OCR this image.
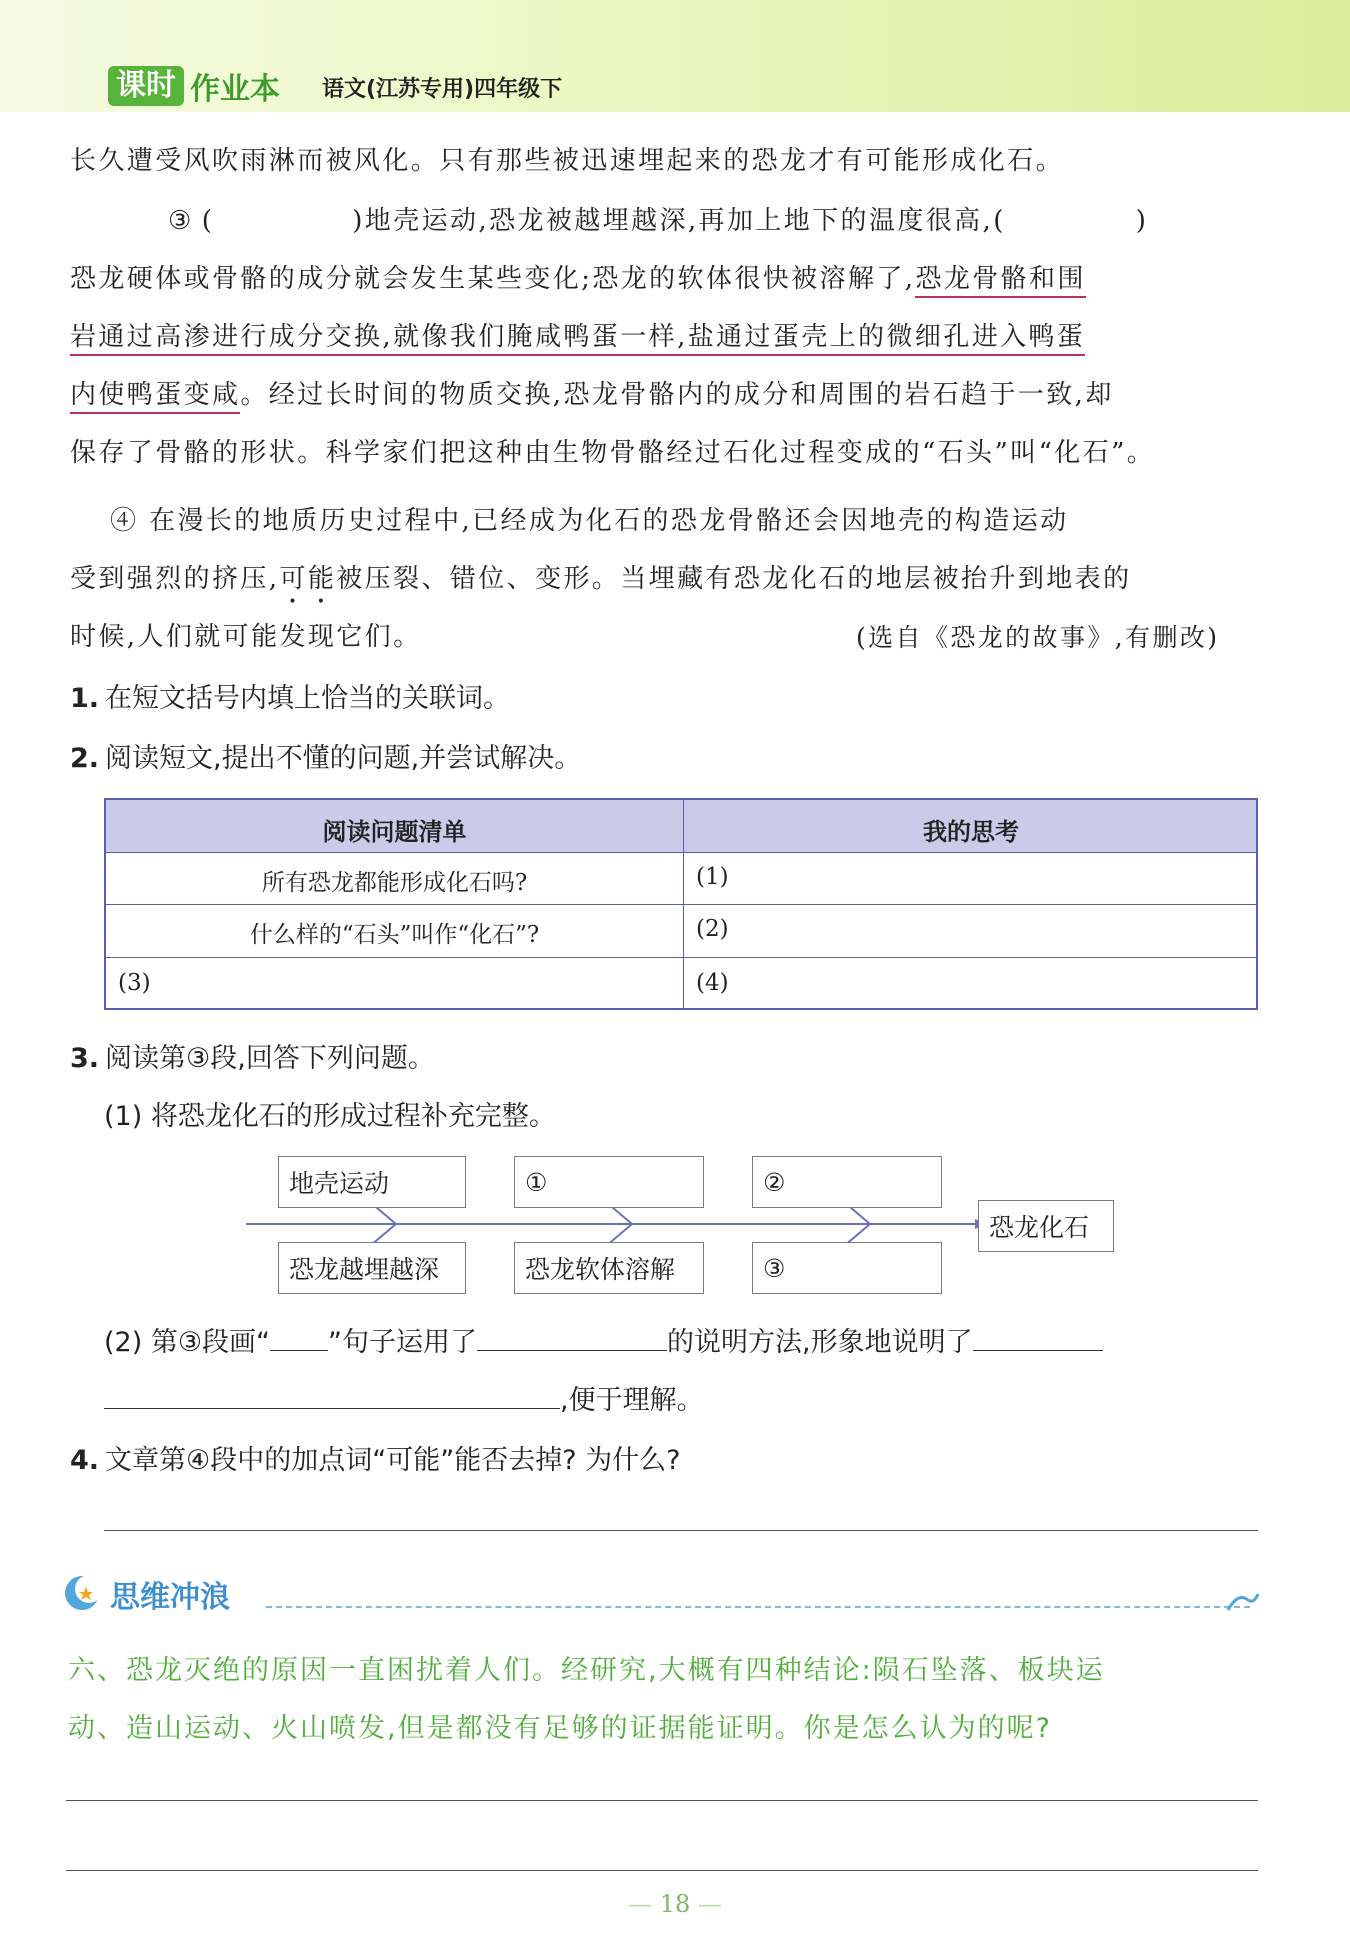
课时 作业本 语文(江苏专用)四年级下
长久遭受风吹雨淋而被风化。只有那些被迅速埋起来的恐龙才有可能形成化石。
③ (	)地壳运动,恐龙被越埋越深,再加上地下的温度很高,(	)
恐龙硬体或骨骼的成分就会发生某些变化;恐龙的软体很快被溶解了,恐龙骨骼和围
岩通过高渗进行成分交换,就像我们腌咸鸭蛋一样,盐通过蛋壳上的微细孔进入鸭蛋
内使鸭蛋变咸。经过长时间的物质交换,恐龙骨骼内的成分和周围的岩石趋于一致,却
保存了骨骼的形状。科学家们把这种由生物骨骼经过石化过程变成的“石头”叫“化石”。
④ 在漫长的地质历史过程中,已经成为化石的恐龙骨骼还会因地壳的构造运动
受到强烈的挤压,可能被压裂、错位、变形。当埋藏有恐龙化石的地层被抬升到地表的
时候,人们就可能发现它们。	(选自《恐龙的故事》,有删改)
1. 在短文括号内填上恰当的关联词。
2. 阅读短文,提出不懂的问题,并尝试解决。
阅读问题清单	我的思考
所有恐龙都能形成化石吗?	(1)
什么样的“石头”叫作“化石”?	(2)
(3)	(4)
3. 阅读第③段,回答下列问题。
(1) 将恐龙化石的形成过程补充完整。
地壳运动	①	②
恐龙越埋越深	恐龙软体溶解	③
恐龙化石
(2) 第③段画“ ”句子运用了	的说明方法,形象地说明了
,便于理解。
4. 文章第④段中的加点词“可能”能否去掉? 为什么?
思维冲浪
六、恐龙灭绝的原因一直困扰着人们。经研究,大概有四种结论:陨石坠落、板块运
动、造山运动、火山喷发,但是都没有足够的证据能证明。你是怎么认为的呢?
— 18 —
